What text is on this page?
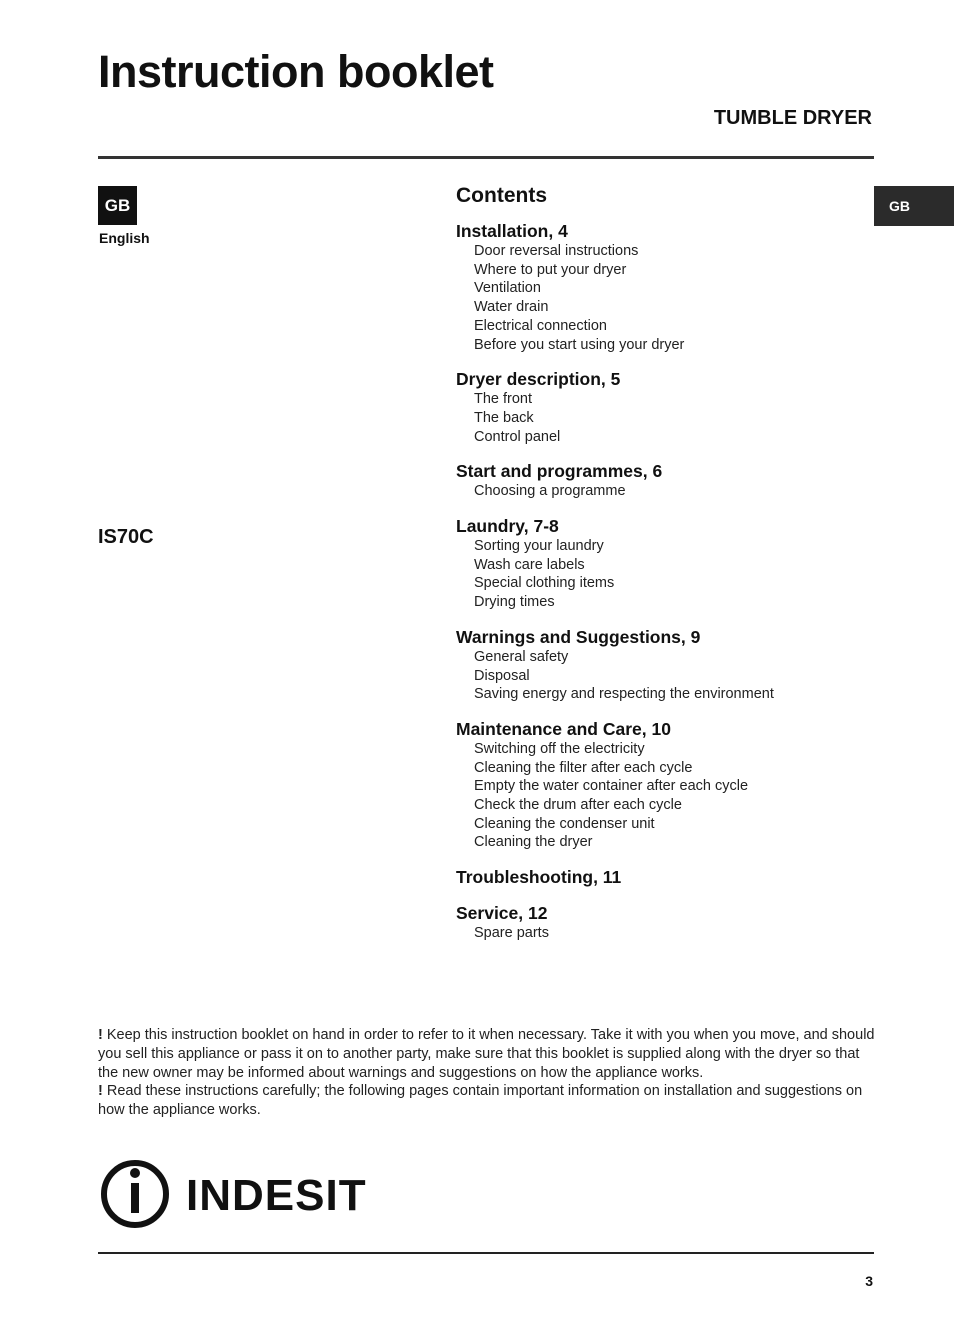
Instruction booklet
TUMBLE DRYER
GB
English
IS70C
GB
Contents
Installation, 4
Door reversal instructions
Where to put your dryer
Ventilation
Water drain
Electrical connection
Before you start using your dryer
Dryer description, 5
The front
The back
Control panel
Start and programmes, 6
Choosing a programme
Laundry, 7-8
Sorting your laundry
Wash care labels
Special clothing items
Drying times
Warnings and Suggestions, 9
General safety
Disposal
Saving energy and respecting the environment
Maintenance and Care, 10
Switching off the electricity
Cleaning the filter after each cycle
Empty the water container after each cycle
Check the drum after each cycle
Cleaning the condenser unit
Cleaning the dryer
Troubleshooting, 11
Service, 12
Spare parts
! Keep this instruction booklet on hand in order to refer to it when necessary. Take it with you when you move, and should you sell this appliance or pass it on to another party, make sure that this booklet is supplied along with the dryer so that the new owner may be informed about warnings and suggestions on how the appliance works.
! Read these instructions carefully; the following pages contain important information on installation and suggestions on how the appliance works.
INDESIT
3
